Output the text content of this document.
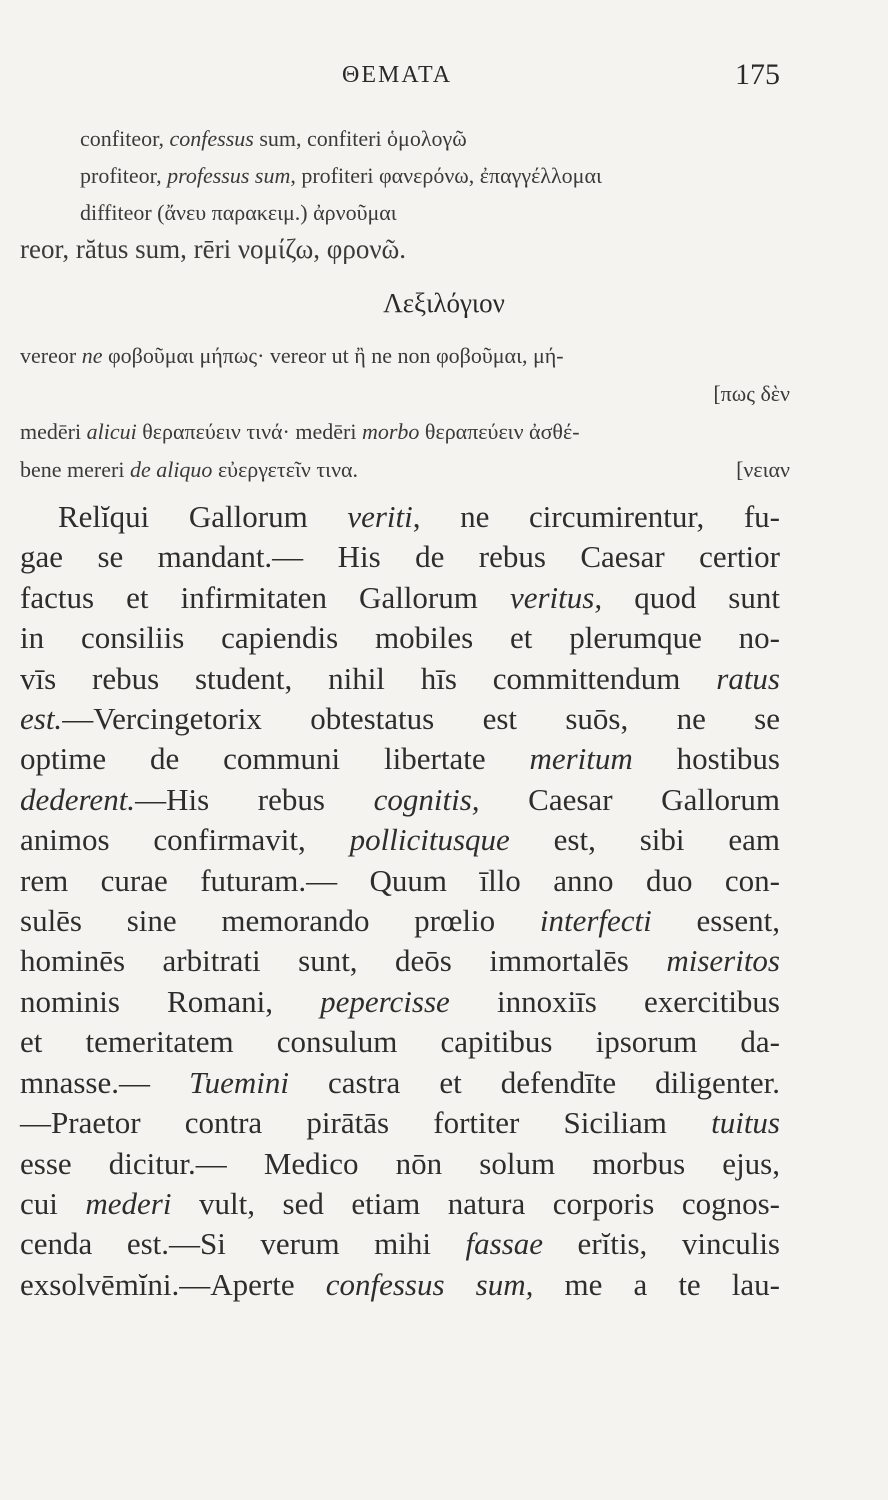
ΘΕΜΑΤΑ	175
confiteor, confessus sum, confiteri ὁμολογῶ
profiteor, professus sum, profiteri φανερόνω, ἐπαγγέλλομαι
diffiteor (ἄνευ παρακειμ.) ἀρνοῦμαι
reor, rătus sum, rēri νομίζω, φρονῶ.
Λεξιλόγιον
vereor ne φοβοῦμαι μήπως· vereor ut ἢ ne non φοβοῦμαι, μή-
[πως δὲν
medēri alicui θεραπεύειν τινά· medēri morbo θεραπεύειν ἀσθέ-
bene mereri de aliquo εὐεργετεῖν τινα.	[νειαν
Relĭqui Gallorum veriti, ne circumirentur, fu-
gae se mandant.— His de rebus Caesar certior
factus et infirmitaten Gallorum veritus, quod sunt
in consiliis capiendis mobiles et plerumque no-
vīs rebus student, nihil hīs committendum ratus
est.—Vercingetorix obtestatus est suōs, ne se
optime de communi libertate meritum hostibus
dederent.—His rebus cognitis, Caesar Gallorum
animos confirmavit, pollicitusque est, sibi eam
rem curae futuram.— Quum īllo anno duo con-
sulēs sine memorando prœlio interfecti essent,
hominēs arbitrati sunt, deōs immortalēs miseritos
nominis Romani, pepercisse innoxiīs exercitibus
et temeritatem consulum capitibus ipsorum da-
mnasse.— Tuemini castra et defendīte diligenter.
—Praetor contra pirātās fortiter Siciliam tuitus
esse dicitur.— Medico nōn solum morbus ejus,
cui mederi vult, sed etiam natura corporis cognos-
cenda est.—Si verum mihi fassae erĭtis, vinculis
exsolvēmĭni.—Aperte confessus sum, me a te lau-
